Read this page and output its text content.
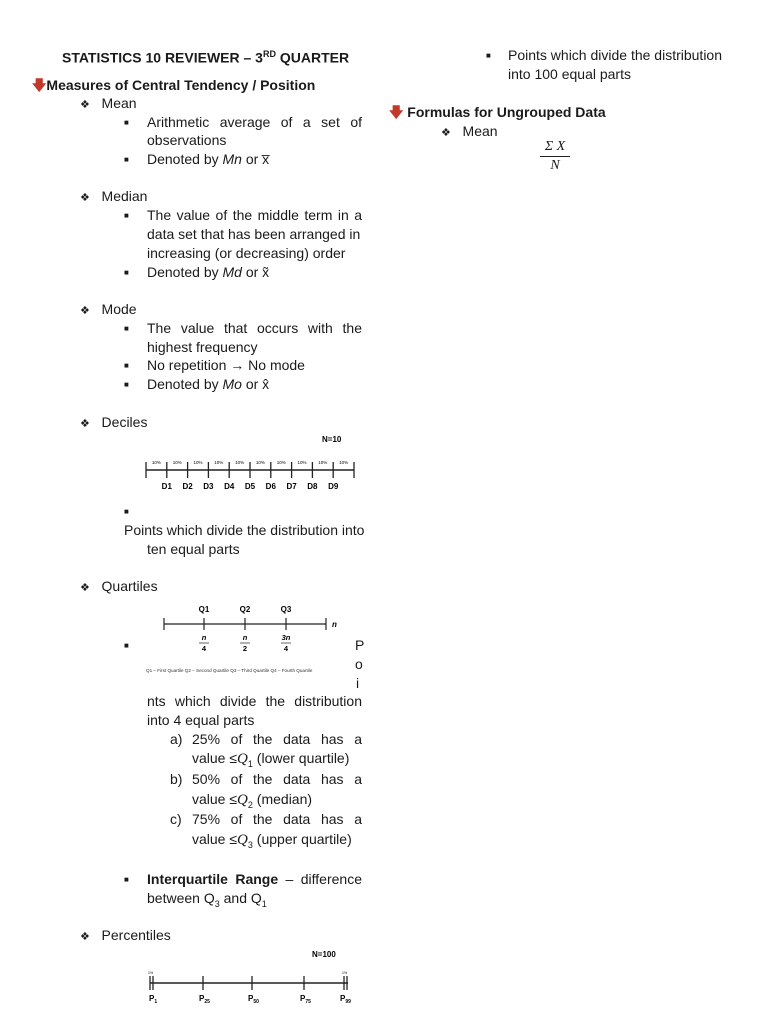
STATISTICS 10 REVIEWER – 3RD QUARTER
🡇Measures of Central Tendency / Position
❖ Mean
■ Arithmetic average of a set of
observations
■ Denoted by Mn or x̅
❖ Median
■ The value of the middle term in a
data set that has been arranged in
increasing (or decreasing) order
■ Denoted by Md or x̃
❖ Mode
■ The value that occurs with the
highest frequency
■ No repetition → No mode
■ Denoted by Mo or x̂
❖ Deciles
N=10
10%	10%	10%	10%	10%	10%	10%	10%	10%	10%
D1 D2 D3 D4 D5 D6 D7 D8 D9
■
Points which divide the distribution into
ten equal parts
❖ Quartiles
n
Q1
n
4
Q2
n
2
Q3
3n
4
Q1 – First Quartile Q2 – Second Quartile Q3 – Third Quartile Q4 – Fourth Quartile
■	P
o
i
nts which divide the distribution
into 4 equal parts
a) 25% of the data has a
value $\le Q_1$ (lower quartile)
b) 50% of the data has a
value $\le Q_2$ (median)
c) 75% of the data has a
value $\le Q_3$ (upper quartile)
■ Interquartile Range – difference
between $Q_3$ and $Q_1$
❖ Percentiles
N=100
1%	1%
$P_1$	$P_{25}$	$P_{50}$	$P_{75}$	$P_{99}$
■ Points which divide the distribution
into 100 equal parts
🡇 Formulas for Ungrouped Data
❖ Mean
$\frac{\text{Σ X}}{N}$
